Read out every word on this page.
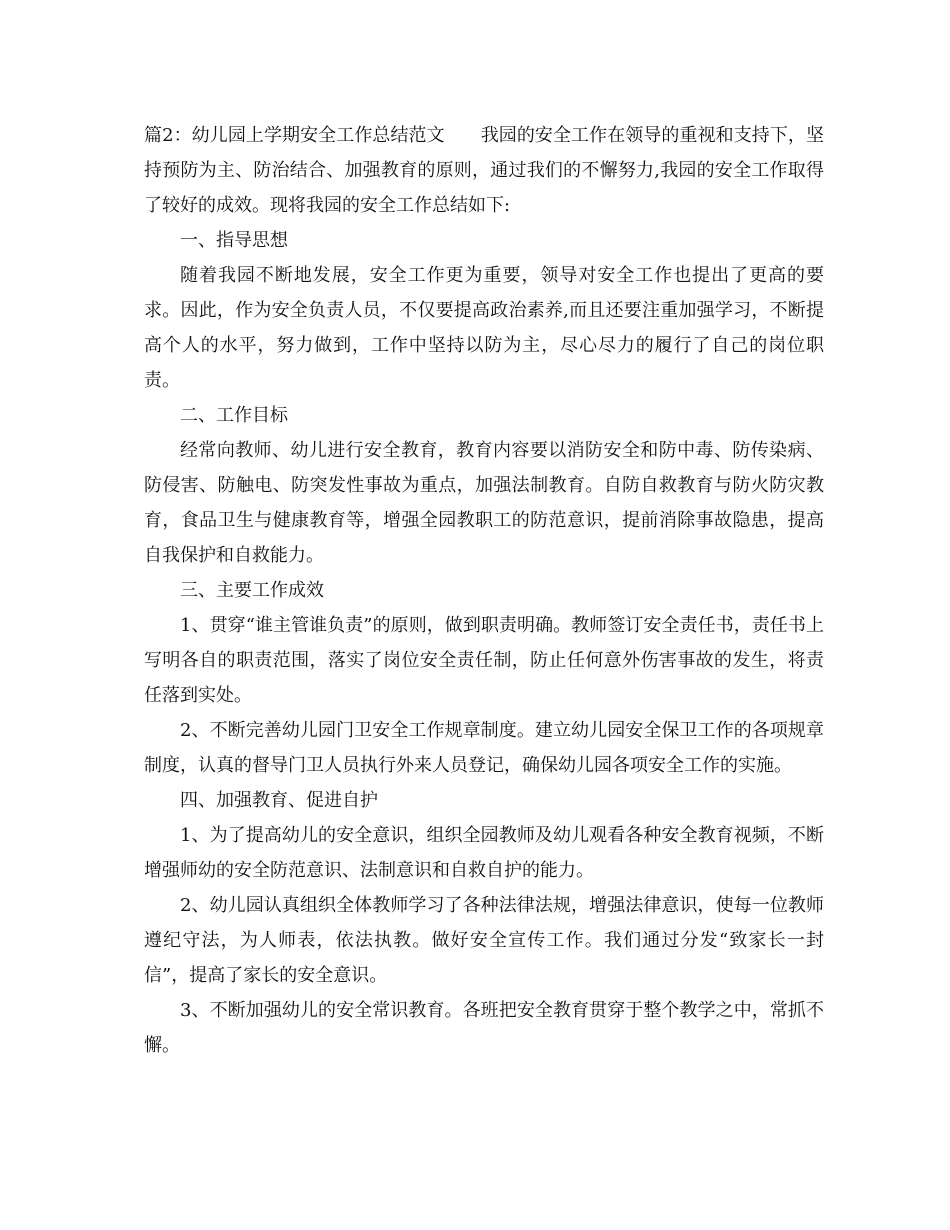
篇2：幼儿园上学期安全工作总结范文 我园的安全工作在领导的重视和支持下，坚持预防为主、防治结合、加强教育的原则，通过我们的不懈努力,我园的安全工作取得了较好的成效。现将我园的安全工作总结如下:

一、指导思想

随着我园不断地发展，安全工作更为重要，领导对安全工作也提出了更高的要求。因此，作为安全负责人员，不仅要提高政治素养,而且还要注重加强学习，不断提高个人的水平，努力做到，工作中坚持以防为主，尽心尽力的履行了自己的岗位职责。

二、工作目标

经常向教师、幼儿进行安全教育，教育内容要以消防安全和防中毒、防传染病、防侵害、防触电、防突发性事故为重点，加强法制教育。自防自救教育与防火防灾教育，食品卫生与健康教育等，增强全园教职工的防范意识，提前消除事故隐患，提高自我保护和自救能力。

三、主要工作成效

1、贯穿“谁主管谁负责”的原则，做到职责明确。教师签订安全责任书，责任书上写明各自的职责范围，落实了岗位安全责任制，防止任何意外伤害事故的发生，将责任落到实处。

2、不断完善幼儿园门卫安全工作规章制度。建立幼儿园安全保卫工作的各项规章制度，认真的督导门卫人员执行外来人员登记，确保幼儿园各项安全工作的实施。

四、加强教育、促进自护

1、为了提高幼儿的安全意识，组织全园教师及幼儿观看各种安全教育视频，不断增强师幼的安全防范意识、法制意识和自救自护的能力。

2、幼儿园认真组织全体教师学习了各种法律法规，增强法律意识，使每一位教师遵纪守法，为人师表，依法执教。做好安全宣传工作。我们通过分发“致家长一封信”，提高了家长的安全意识。

3、不断加强幼儿的安全常识教育。各班把安全教育贯穿于整个教学之中，常抓不懈。
